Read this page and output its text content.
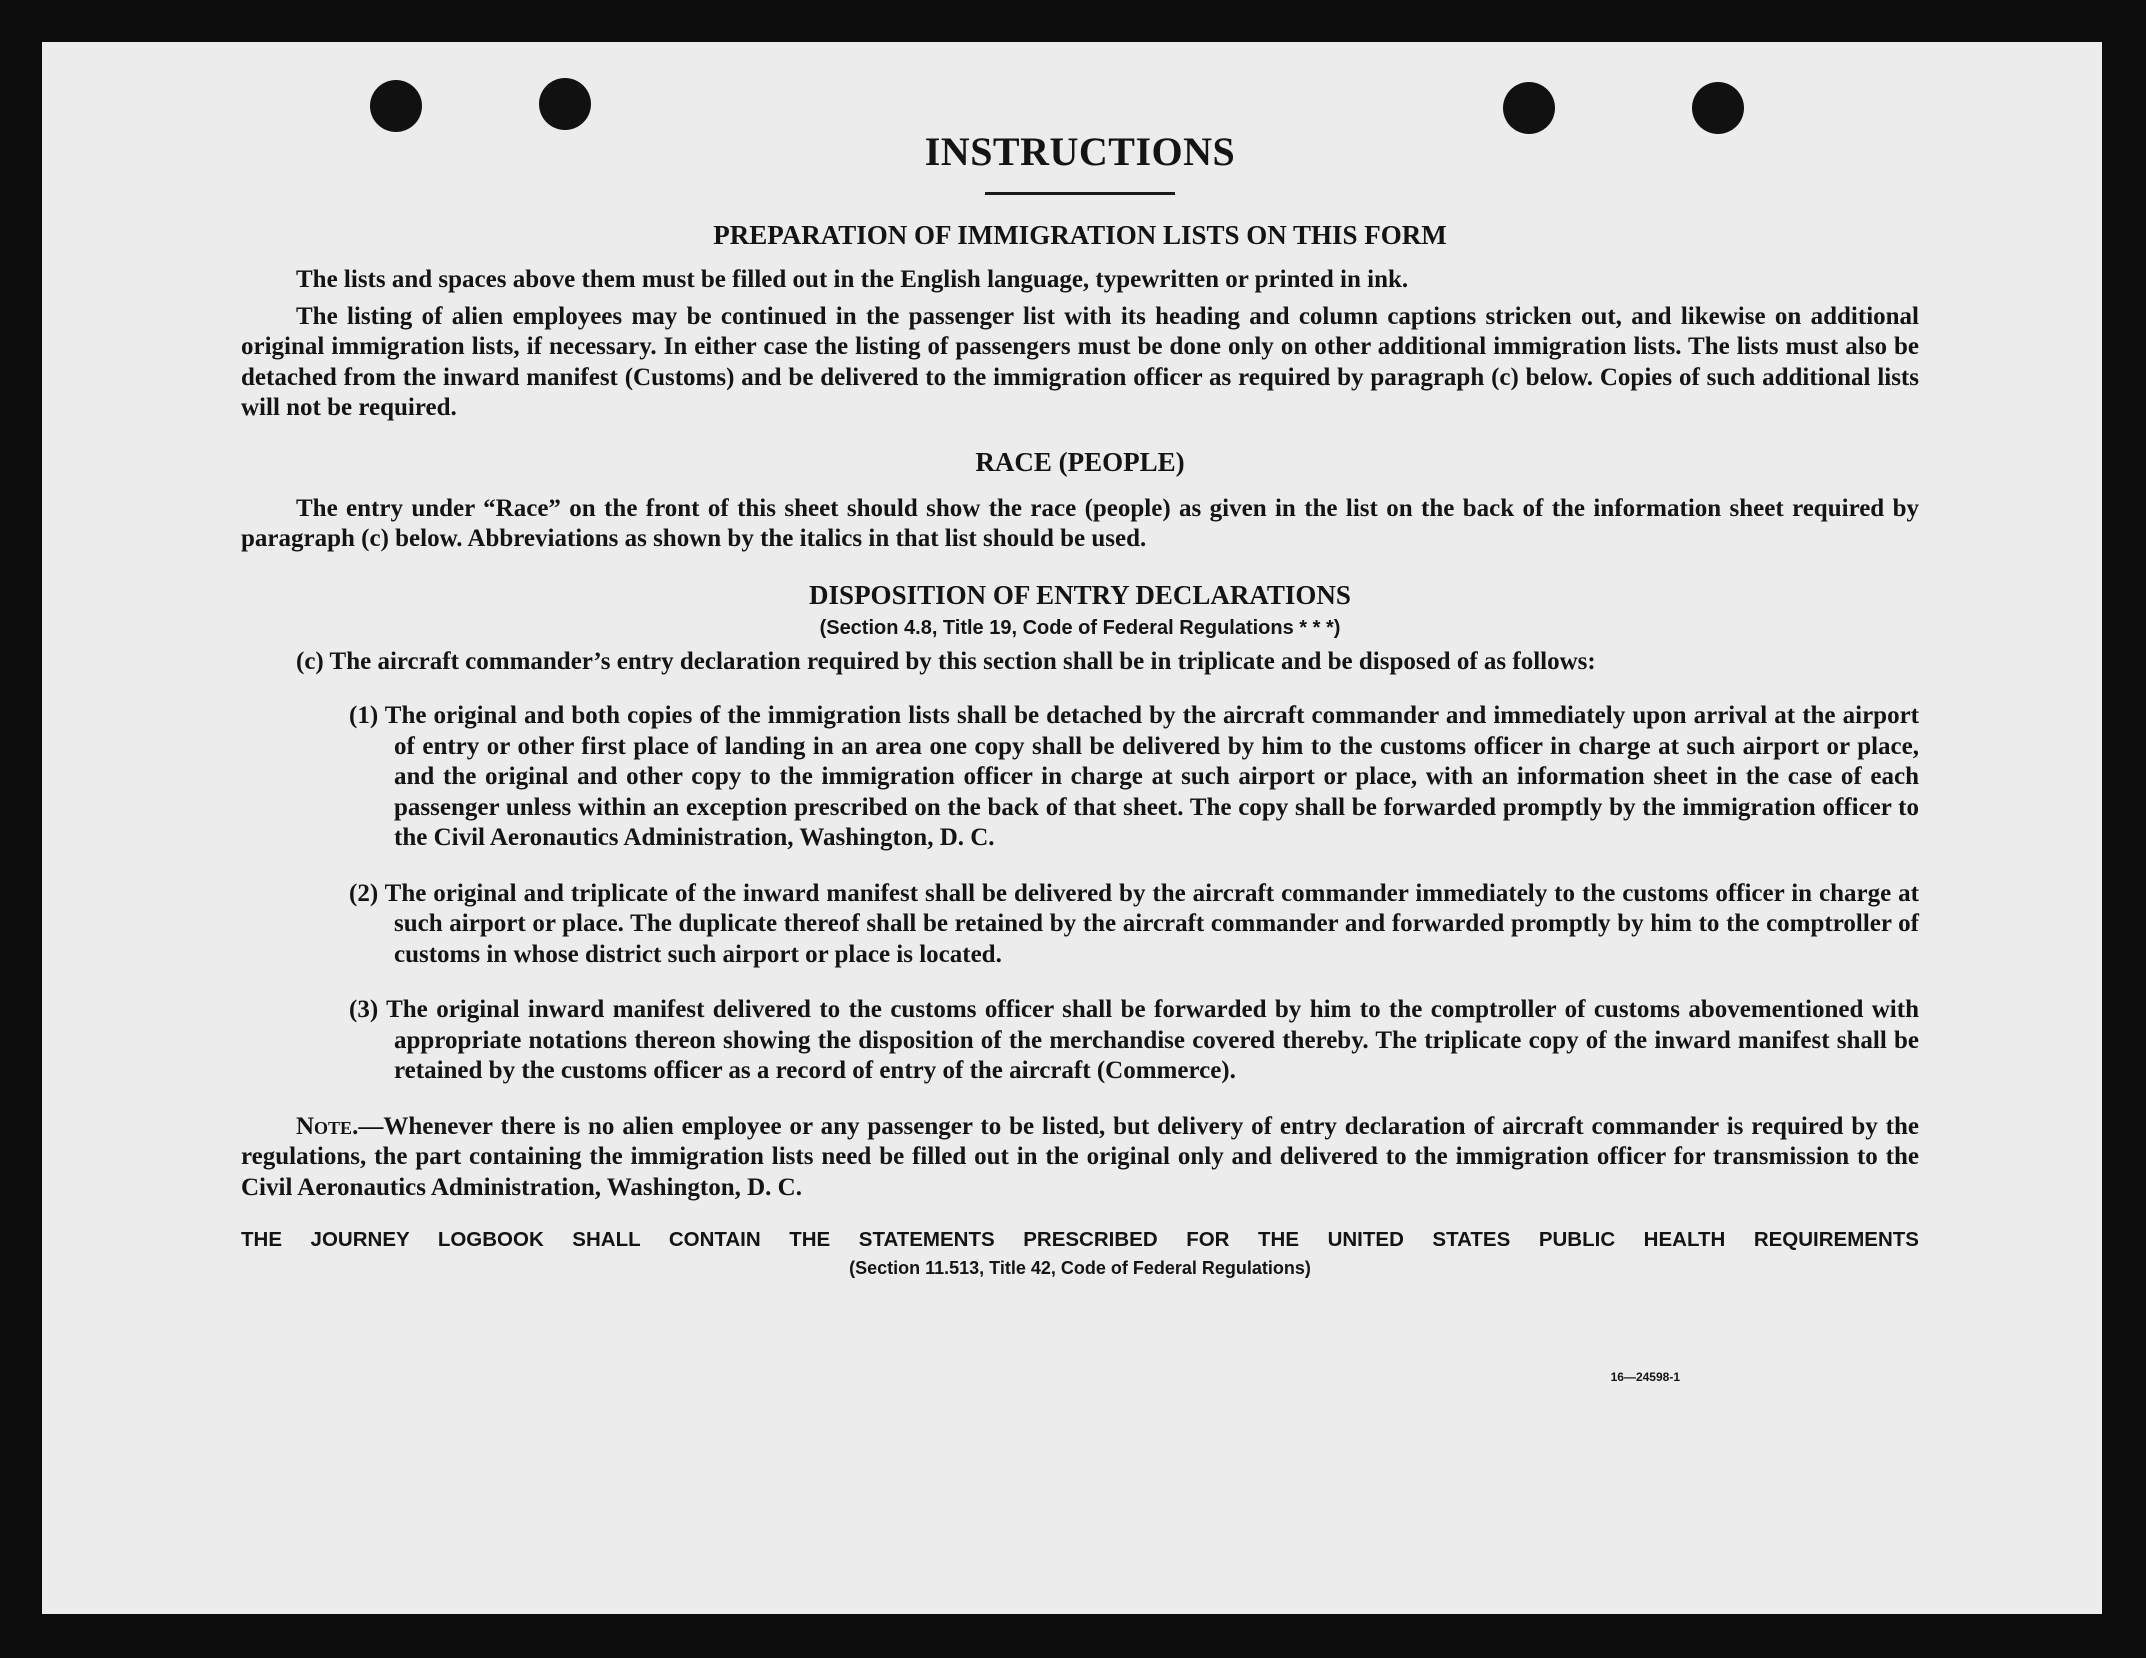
INSTRUCTIONS
PREPARATION OF IMMIGRATION LISTS ON THIS FORM

The lists and spaces above them must be filled out in the English language, typewritten or printed in ink.

The listing of alien employees may be continued in the passenger list with its heading and column captions stricken out, and likewise on additional original immigration lists, if necessary. In either case the listing of passengers must be done only on other additional immigration lists. The lists must also be detached from the inward manifest (Customs) and be delivered to the immigration officer as required by paragraph (c) below. Copies of such additional lists will not be required.

RACE (PEOPLE)

The entry under “Race” on the front of this sheet should show the race (people) as given in the list on the back of the information sheet required by paragraph (c) below. Abbreviations as shown by the italics in that list should be used.

DISPOSITION OF ENTRY DECLARATIONS
(Section 4.8, Title 19, Code of Federal Regulations * * *)

(c) The aircraft commander’s entry declaration required by this section shall be in triplicate and be disposed of as follows:

(1) The original and both copies of the immigration lists shall be detached by the aircraft commander and immediately upon arrival at the airport of entry or other first place of landing in an area one copy shall be delivered by him to the customs officer in charge at such airport or place, and the original and other copy to the immigration officer in charge at such airport or place, with an information sheet in the case of each passenger unless within an exception prescribed on the back of that sheet. The copy shall be forwarded promptly by the immigration officer to the Civil Aeronautics Administration, Washington, D. C.

(2) The original and triplicate of the inward manifest shall be delivered by the aircraft commander immediately to the customs officer in charge at such airport or place. The duplicate thereof shall be retained by the aircraft commander and forwarded promptly by him to the comptroller of customs in whose district such airport or place is located.

(3) The original inward manifest delivered to the customs officer shall be forwarded by him to the comptroller of customs abovementioned with appropriate notations thereon showing the disposition of the merchandise covered thereby. The triplicate copy of the inward manifest shall be retained by the customs officer as a record of entry of the aircraft (Commerce).

Note.—Whenever there is no alien employee or any passenger to be listed, but delivery of entry declaration of aircraft commander is required by the regulations, the part containing the immigration lists need be filled out in the original only and delivered to the immigration officer for transmission to the Civil Aeronautics Administration, Washington, D. C.

THE JOURNEY LOGBOOK SHALL CONTAIN THE STATEMENTS PRESCRIBED FOR THE UNITED STATES PUBLIC HEALTH REQUIREMENTS
(Section 11.513, Title 42, Code of Federal Regulations)
16—24598-1
